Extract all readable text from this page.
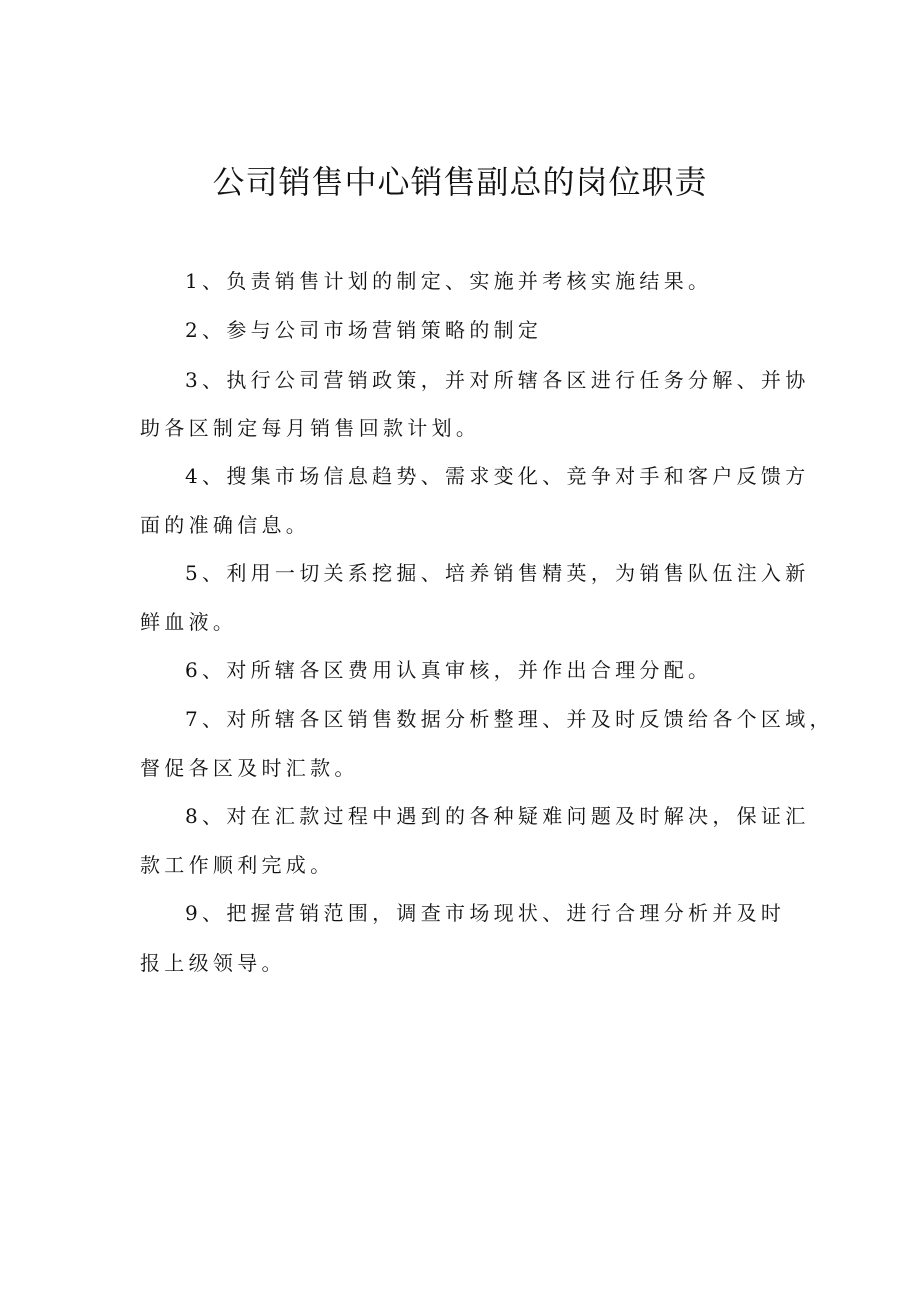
公司销售中心销售副总的岗位职责

1、负责销售计划的制定、实施并考核实施结果。

2、参与公司市场营销策略的制定

3、执行公司营销政策，并对所辖各区进行任务分解、并协

助各区制定每月销售回款计划。

4、搜集市场信息趋势、需求变化、竞争对手和客户反馈方

面的准确信息。

5、利用一切关系挖掘、培养销售精英，为销售队伍注入新

鲜血液。

6、对所辖各区费用认真审核，并作出合理分配。

7、对所辖各区销售数据分析整理、并及时反馈给各个区域，

督促各区及时汇款。

8、对在汇款过程中遇到的各种疑难问题及时解决，保证汇

款工作顺利完成。

9、把握营销范围，调查市场现状、进行合理分析并及时

报上级领导。
